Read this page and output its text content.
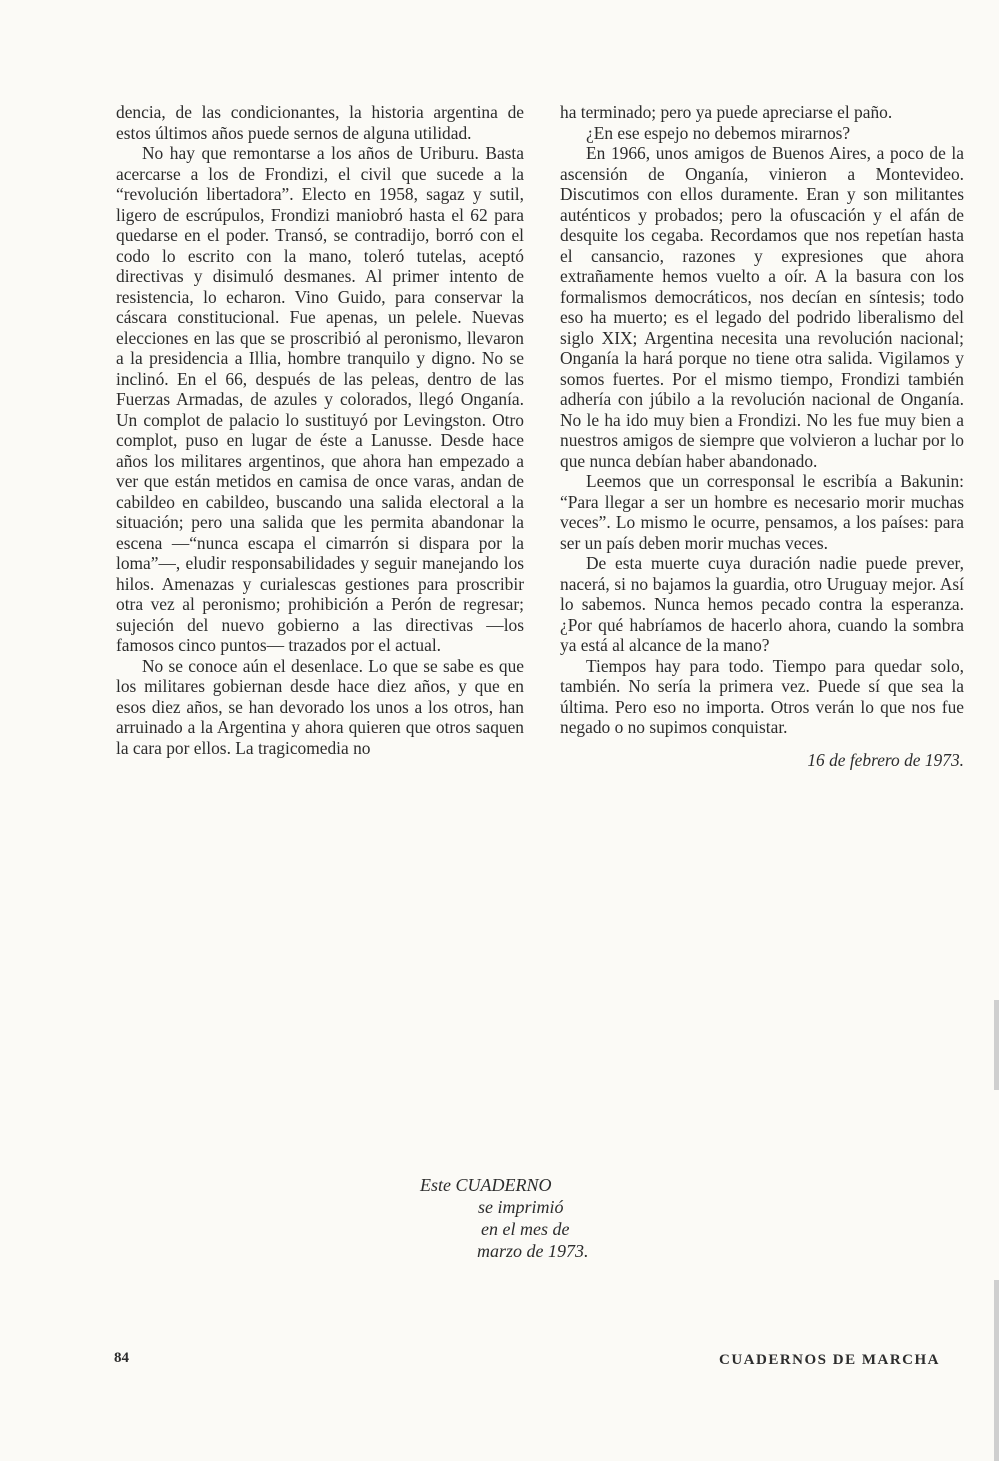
dencia, de las condicionantes, la historia argentina de estos últimos años puede sernos de alguna utilidad.

No hay que remontarse a los años de Uriburu. Basta acercarse a los de Frondizi, el civil que sucede a la “revolución libertadora”. Electo en 1958, sagaz y sutil, ligero de escrúpulos, Frondizi maniobró hasta el 62 para quedarse en el poder. Transó, se contradijo, borró con el codo lo escrito con la mano, toleró tutelas, aceptó directivas y disimuló desmanes. Al primer intento de resistencia, lo echaron. Vino Guido, para conservar la cáscara constitucional. Fue apenas, un pelele. Nuevas elecciones en las que se proscribió al peronismo, llevaron a la presidencia a Illia, hombre tranquilo y digno. No se inclinó. En el 66, después de las peleas, dentro de las Fuerzas Armadas, de azules y colorados, llegó Onganía. Un complot de palacio lo sustituyó por Levingston. Otro complot, puso en lugar de éste a Lanusse. Desde hace años los militares argentinos, que ahora han empezado a ver que están metidos en camisa de once varas, andan de cabildeo en cabildeo, buscando una salida electoral a la situación; pero una salida que les permita abandonar la escena —“nunca escapa el cimarrón si dispara por la loma”—, eludir responsabilidades y seguir manejando los hilos. Amenazas y curialescas gestiones para proscribir otra vez al peronismo; prohibición a Perón de regresar; sujeción del nuevo gobierno a las directivas —los famosos cinco puntos— trazados por el actual.

No se conoce aún el desenlace. Lo que se sabe es que los militares gobiernan desde hace diez años, y que en esos diez años, se han devorado los unos a los otros, han arruinado a la Argentina y ahora quieren que otros saquen la cara por ellos. La tragicomedia no

ha terminado; pero ya puede apreciarse el paño.

¿En ese espejo no debemos mirarnos?

En 1966, unos amigos de Buenos Aires, a poco de la ascensión de Onganía, vinieron a Montevideo. Discutimos con ellos duramente. Eran y son militantes auténticos y probados; pero la ofuscación y el afán de desquite los cegaba. Recordamos que nos repetían hasta el cansancio, razones y expresiones que ahora extrañamente hemos vuelto a oír. A la basura con los formalismos democráticos, nos decían en síntesis; todo eso ha muerto; es el legado del podrido liberalismo del siglo XIX; Argentina necesita una revolución nacional; Onganía la hará porque no tiene otra salida. Vigilamos y somos fuertes. Por el mismo tiempo, Frondizi también adhería con júbilo a la revolución nacional de Onganía. No le ha ido muy bien a Frondizi. No les fue muy bien a nuestros amigos de siempre que volvieron a luchar por lo que nunca debían haber abandonado.

Leemos que un corresponsal le escribía a Bakunin: “Para llegar a ser un hombre es necesario morir muchas veces”. Lo mismo le ocurre, pensamos, a los países: para ser un país deben morir muchas veces.

De esta muerte cuya duración nadie puede prever, nacerá, si no bajamos la guardia, otro Uruguay mejor. Así lo sabemos. Nunca hemos pecado contra la esperanza. ¿Por qué habríamos de hacerlo ahora, cuando la sombra ya está al alcance de la mano?

Tiempos hay para todo. Tiempo para quedar solo, también. No sería la primera vez. Puede sí que sea la última. Pero eso no importa. Otros verán lo que nos fue negado o no supimos conquistar.

16 de febrero de 1973.

Este CUADERNO
se imprimió
en el mes de
marzo de 1973.
84	CUADERNOS DE MARCHA
